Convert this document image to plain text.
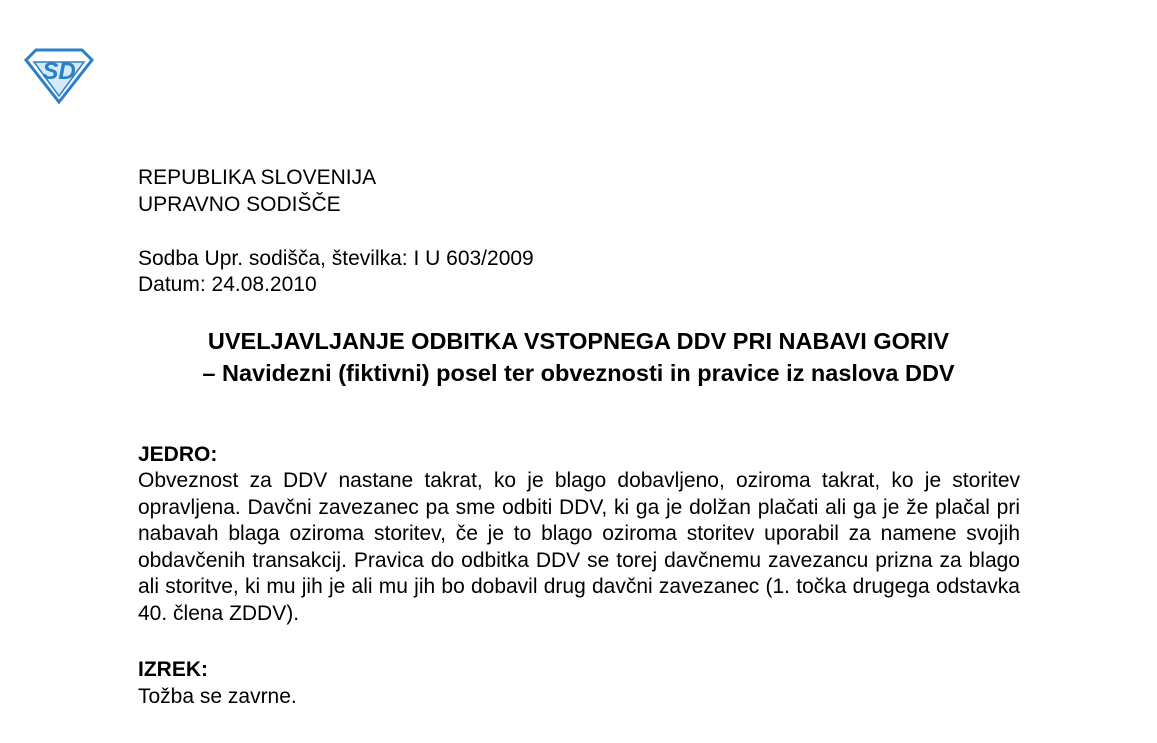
SD
REPUBLIKA SLOVENIJA
UPRAVNO SODIŠČE
Sodba Upr. sodišča, številka: I U 603/2009
Datum: 24.08.2010
UVELJAVLJANJE ODBITKA VSTOPNEGA DDV PRI NABAVI GORIV
– Navidezni (fiktivni) posel ter obveznosti in pravice iz naslova DDV
JEDRO:
Obveznost za DDV nastane takrat, ko je blago dobavljeno, oziroma takrat, ko je storitev opravljena. Davčni zavezanec pa sme odbiti DDV, ki ga je dolžan plačati ali ga je že plačal pri nabavah blaga oziroma storitev, če je to blago oziroma storitev uporabil za namene svojih obdavčenih transakcij. Pravica do odbitka DDV se torej davčnemu zavezancu prizna za blago ali storitve, ki mu jih je ali mu jih bo dobavil drug davčni zavezanec (1. točka drugega odstavka 40. člena ZDDV).
IZREK:
Tožba se zavrne.
